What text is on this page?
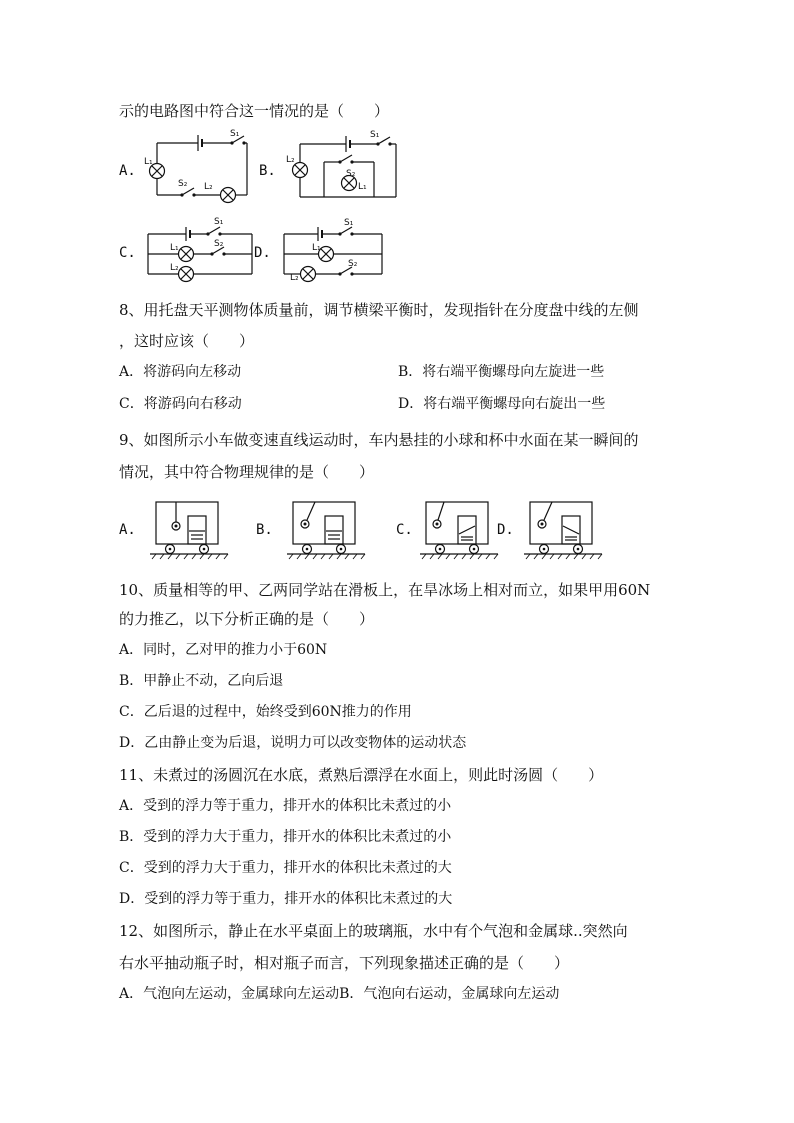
示的电路图中符合这一情况的是（　　）
A.	B.
C.	D.
S₁
L₁
S₂ L₂
S₁
L₂
S₂
L₁
S₁
L₁	S₂
L₂
S₁
L₁
L₂
S₂
8、用托盘天平测物体质量前，调节横梁平衡时，发现指针在分度盘中线的左侧
，这时应该（　　）
A．将游码向左移动	B．将右端平衡螺母向左旋进一些
C．将游码向右移动	D．将右端平衡螺母向右旋出一些
9、如图所示小车做变速直线运动时，车内悬挂的小球和杯中水面在某一瞬间的
情况，其中符合物理规律的是（　　）
A.	B.	C.	D.
10、质量相等的甲、乙两同学站在滑板上，在旱冰场上相对而立，如果甲用60N
的力推乙，以下分析正确的是（　　）
A．同时，乙对甲的推力小于60N
B．甲静止不动，乙向后退
C．乙后退的过程中，始终受到60N推力的作用
D．乙由静止变为后退，说明力可以改变物体的运动状态
11、未煮过的汤圆沉在水底，煮熟后漂浮在水面上，则此时汤圆（　　）
A．受到的浮力等于重力，排开水的体积比未煮过的小
B．受到的浮力大于重力，排开水的体积比未煮过的小
C．受到的浮力大于重力，排开水的体积比未煮过的大
D．受到的浮力等于重力，排开水的体积比未煮过的大
12、如图所示，静止在水平桌面上的玻璃瓶，水中有个气泡和金属球..突然向
右水平抽动瓶子时，相对瓶子而言，下列现象描述正确的是（　　）
A．气泡向左运动，金属球向左运动B．气泡向右运动，金属球向左运动
